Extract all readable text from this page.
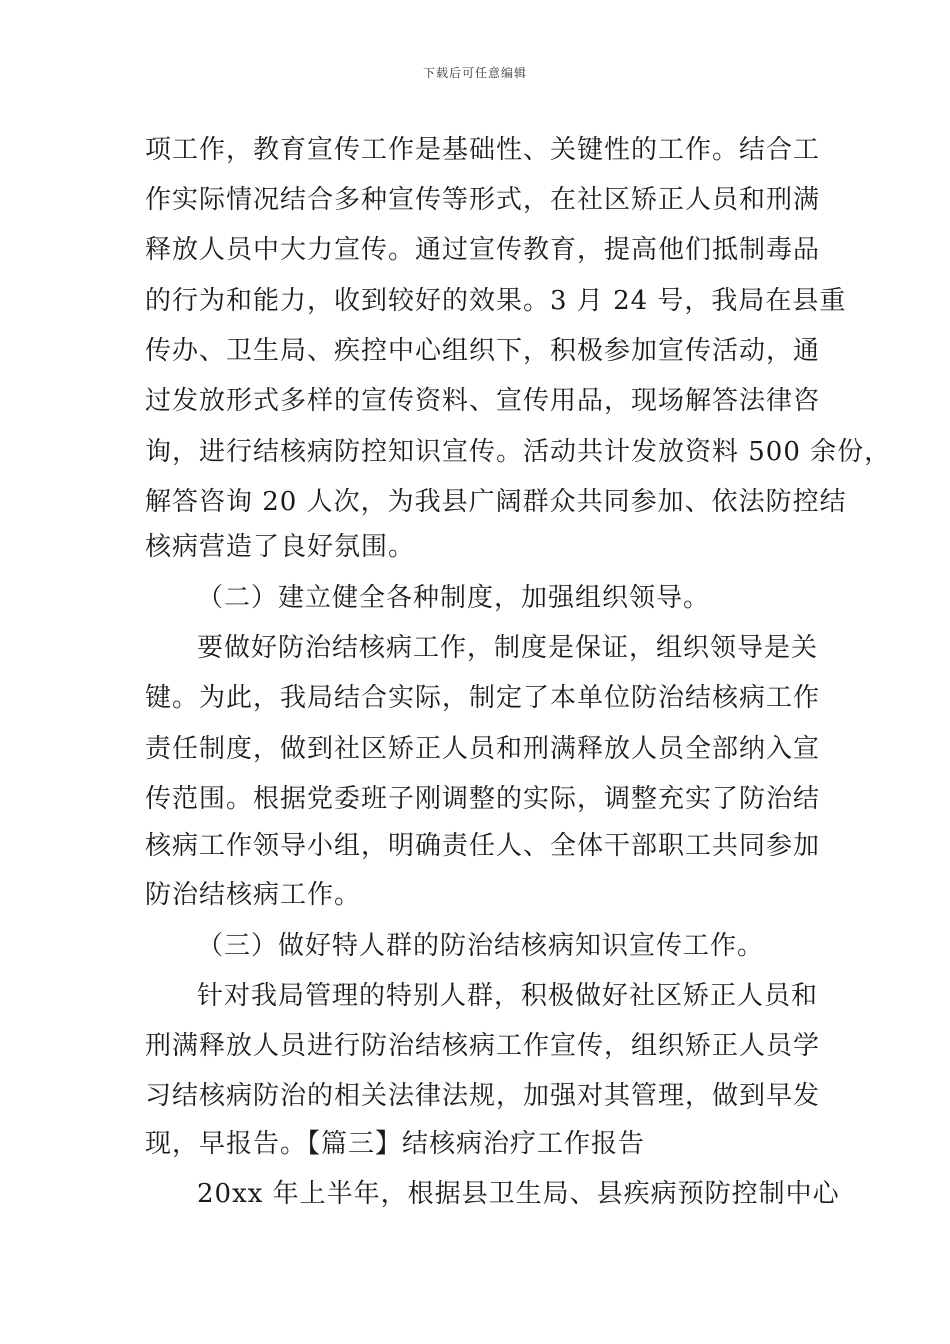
下载后可任意编辑
项工作，教育宣传工作是基础性、关键性的工作。结合工
作实际情况结合多种宣传等形式，在社区矫正人员和刑满
释放人员中大力宣传。通过宣传教育，提高他们抵制毒品
的行为和能力，收到较好的效果。3 月 24 号，我局在县重
传办、卫生局、疾控中心组织下，积极参加宣传活动，通
过发放形式多样的宣传资料、宣传用品，现场解答法律咨
询，进行结核病防控知识宣传。活动共计发放资料 500 余份，
解答咨询 20 人次，为我县广阔群众共同参加、依法防控结
核病营造了良好氛围。
（二）建立健全各种制度，加强组织领导。
要做好防治结核病工作，制度是保证，组织领导是关
键。为此，我局结合实际，制定了本单位防治结核病工作
责任制度，做到社区矫正人员和刑满释放人员全部纳入宣
传范围。根据党委班子刚调整的实际，调整充实了防治结
核病工作领导小组，明确责任人、全体干部职工共同参加
防治结核病工作。
（三）做好特人群的防治结核病知识宣传工作。
针对我局管理的特别人群，积极做好社区矫正人员和
刑满释放人员进行防治结核病工作宣传，组织矫正人员学
习结核病防治的相关法律法规，加强对其管理，做到早发
现，早报告。【篇三】结核病治疗工作报告
20xx 年上半年，根据县卫生局、县疾病预防控制中心
